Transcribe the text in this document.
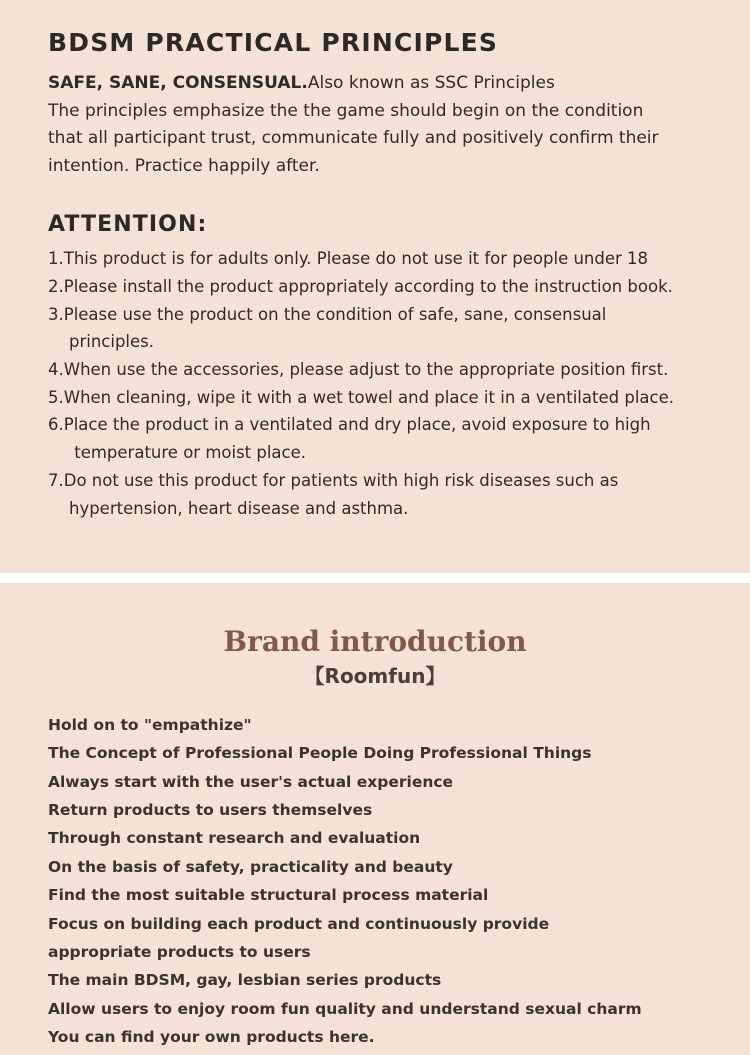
BDSM PRACTICAL PRINCIPLES

SAFE, SANE, CONSENSUAL.Also known as SSC Principles

The principles emphasize the the game should begin on the condition

that all participant trust, communicate fully and positively confirm their

intention. Practice happily after.

ATTENTION:
1. This product is for adults only. Please do not use it for people under 18
2. Please install the product appropriately according to the instruction book.
3. Please use the product on the condition of safe, sane, consensual

principles.
4. When use the accessories, please adjust to the appropriate position first.
5. When cleaning, wipe it with a wet towel and place it in a ventilated place.
6. Place the product in a ventilated and dry place, avoid exposure to high

temperature or moist place.
7. Do not use this product for patients with high risk diseases such as

hypertension, heart disease and asthma.
Brand introduction
【Roomfun】
Hold on to "empathize"
The Concept of Professional People Doing Professional Things
Always start with the user's actual experience
Return products to users themselves
Through constant research and evaluation
On the basis of safety, practicality and beauty
Find the most suitable structural process material
Focus on building each product and continuously provide
appropriate products to users
The main BDSM, gay, lesbian series products
Allow users to enjoy room fun quality and understand sexual charm
You can find your own products here.
